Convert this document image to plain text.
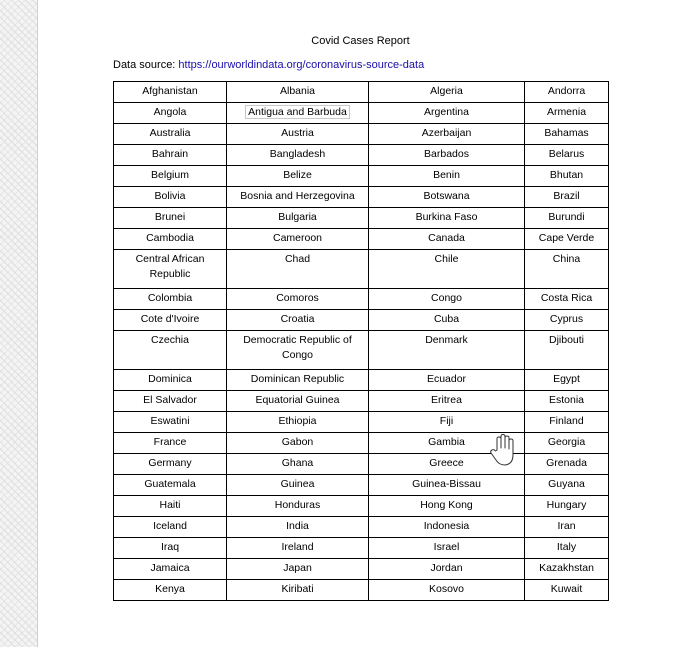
Covid Cases Report
Data source: https://ourworldindata.org/coronavirus-source-data
Afghanistan	Albania	Algeria	Andorra
Angola	Antigua and Barbuda	Argentina	Armenia
Australia	Austria	Azerbaijan	Bahamas
Bahrain	Bangladesh	Barbados	Belarus
Belgium	Belize	Benin	Bhutan
Bolivia	Bosnia and Herzegovina	Botswana	Brazil
Brunei	Bulgaria	Burkina Faso	Burundi
Cambodia	Cameroon	Canada	Cape Verde
Central African Republic	Chad	Chile	China
Colombia	Comoros	Congo	Costa Rica
Cote d'Ivoire	Croatia	Cuba	Cyprus
Czechia	Democratic Republic of Congo	Denmark	Djibouti
Dominica	Dominican Republic	Ecuador	Egypt
El Salvador	Equatorial Guinea	Eritrea	Estonia
Eswatini	Ethiopia	Fiji	Finland
France	Gabon	Gambia	Georgia
Germany	Ghana	Greece	Grenada
Guatemala	Guinea	Guinea-Bissau	Guyana
Haiti	Honduras	Hong Kong	Hungary
Iceland	India	Indonesia	Iran
Iraq	Ireland	Israel	Italy
Jamaica	Japan	Jordan	Kazakhstan
Kenya	Kiribati	Kosovo	Kuwait
